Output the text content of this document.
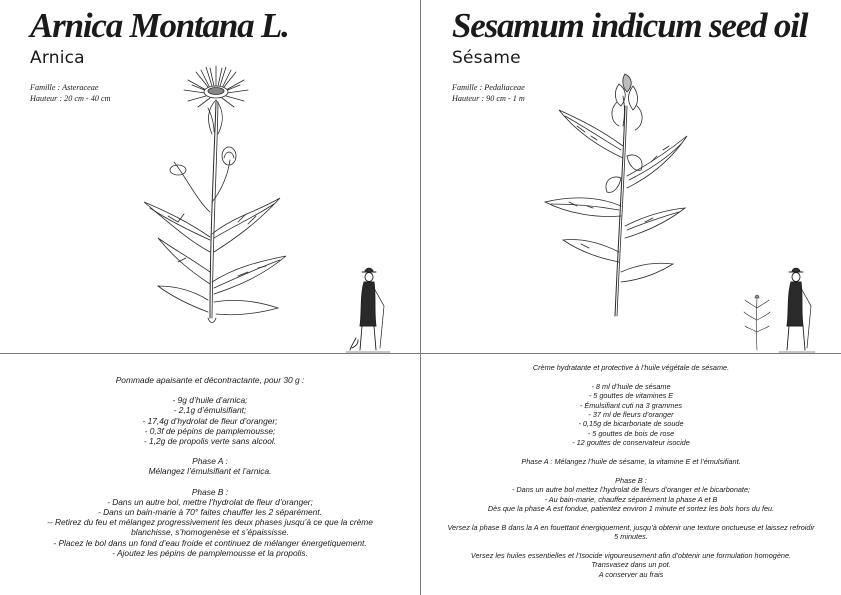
Arnica Montana L.
Arnica
Famille : Asteraceae
Hauteur : 20 cm - 40 cm

Pommade apaisante et décontractante, pour 30 g :

- 9g d’huile d’arnica;

- 2,1g d’émulsifiant;

- 17,4g d’hydrolat de fleur d’oranger;

- 0,3f de pépins de pamplemousse;

- 1,2g de propolis verte sans alcool.

Phase A :

Mélangez l’émulsifiant et l’arnica.

Phase B :

- Dans un autre bol, mettre l’hydrolat de fleur d’oranger;

- Dans un bain-marie à 70° faites chauffer les 2 séparément.

-- Retirez du feu et mélangez progressivement les deux phases jusqu’à ce que la crème

blanchisse, s’homogenèse et s’épaississe.

- Placez le bol dans un fond d’eau froide et continuez de mélanger énergetiquement.

- Ajoutez les pépins de pamplemousse et la propolis.

Sesamum indicum seed oil
Sésame
Famille : Pedaliaceae
Hauteur : 90 cm - 1 m

Crème hydratante et protective à l’huile végétale de sésame.

- 8 ml d’huile de sésame

- 5 gouttes de vitamines E

- Émulsifiant cuti na 3 grammes

- 37 ml de fleurs d’oranger

- 0,15g de bicarbonate de soude

- 5 gouttes de bois de rose

- 12 gouttes de conservateur isocide

Phase A : Mélangez l’huile de sésame, la vitamine E et l’émulsifiant.

Phase B :

- Dans un autre bol mettez l’hydrolat de fleurs d’oranger et le bicarbonate;

- Au bain-marie, chauffez séparément la phase A et B

Dès que la phase A est fondue, patientez environ 1 minute et sortez les bols hors du feu.

Versez la phase B dans la A en fouettant énergiquement, jusqu’à obtenir une texture onctueuse et laissez refroidir

5 minutes.

Versez les huiles essentielles et l’Isocide vigoureusement afin d’obtenir une formulation homogène.

Transvasez dans un pot.

A conserver au frais
